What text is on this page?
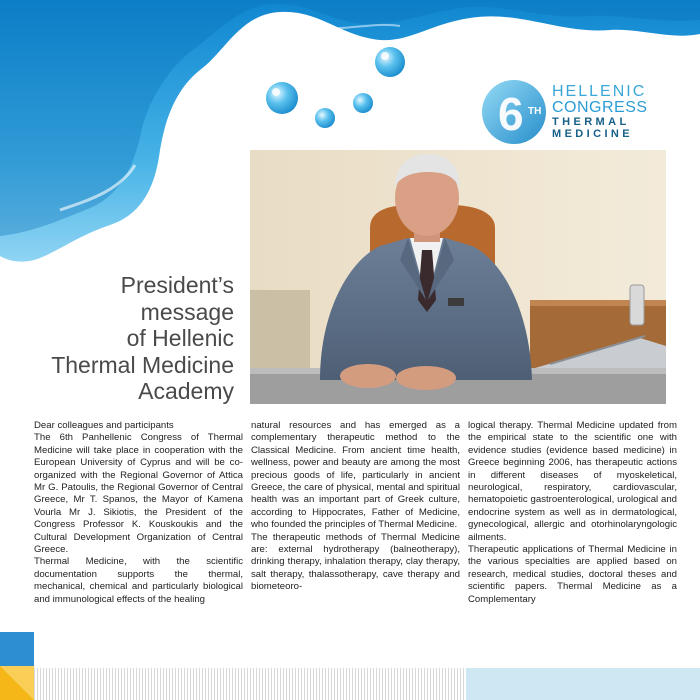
6 TH
HELLENIC
CONGRESS
THERMAL
MEDICINE
President’s
message
of Hellenic
Thermal Medicine
Academy

Dear colleagues and participants

The 6th Panhellenic Congress of Thermal Medicine will take place in cooperation with the European University of Cyprus and will be co-organized with the Regional Governor of Attica Mr G. Patoulis, the Regional Governor of Central Greece, Mr T. Spanos, the Mayor of Kamena Vourla Mr J. Sikiotis, the President of the Congress Professor K. Kouskoukis and the Cultural Development Organization of Central Greece.

Thermal Medicine, with the scientific documentation supports the thermal, mechanical, chemical and particularly biological and immunological effects of the healing

natural resources and has emerged as a complementary therapeutic method to the Classical Medicine. From ancient time health, wellness, power and beauty are among the most precious goods of life, particularly in ancient Greece, the care of physical, mental and spiritual health was an important part of Greek culture, according to Hippocrates, Father of Medicine, who founded the principles of Thermal Medicine.

The therapeutic methods of Thermal Medicine are: external hydrotherapy (balneotherapy), drinking therapy, inhalation therapy, clay therapy, salt therapy, thalassotherapy, cave therapy and biometeoro-

logical therapy. Thermal Medicine updated from the empirical state to the scientific one with evidence studies (evidence based medicine) in Greece beginning 2006, has therapeutic actions in different diseases of myoskeletical, neurological, respiratory, cardiovascular, hematopoietic gastroenterological, urological and endocrine system as well as in dermatological, gynecological, allergic and otorhinolaryngologic ailments.

Therapeutic applications of Thermal Medicine in the various specialties are applied based on research, medical studies, doctoral theses and scientific papers. Thermal Medicine as a Complementary
